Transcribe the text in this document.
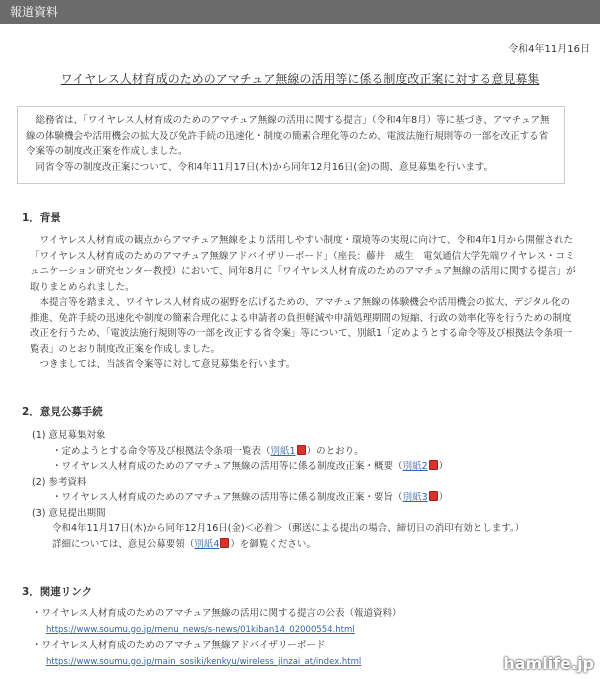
報道資料
令和4年11月16日
ワイヤレス人材育成のためのアマチュア無線の活用等に係る制度改正案に対する意見募集

総務省は、「ワイヤレス人材育成のためのアマチュア無線の活用に関する提言」（令和4年8月）等に基づき、アマチュア無線の体験機会や活用機会の拡大及び免許手続の迅速化・制度の簡素合理化等のため、電波法施行規則等の一部を改正する省令案等の制度改正案を作成しました。

同省令等の制度改正案について、令和4年11月17日(木)から同年12月16日(金)の間、意見募集を行います。

1．背景

ワイヤレス人材育成の観点からアマチュア無線をより活用しやすい制度・環境等の実現に向けて、令和4年1月から開催された「ワイヤレス人材育成のためのアマチュア無線アドバイザリーボード」（座長：藤井　威生　電気通信大学先端ワイヤレス・コミュニケーション研究センター教授）において、同年8月に「ワイヤレス人材育成のためのアマチュア無線の活用に関する提言」が取りまとめられました。

本提言等を踏まえ、ワイヤレス人材育成の裾野を広げるための、アマチュア無線の体験機会や活用機会の拡大、デジタル化の推進、免許手続の迅速化や制度の簡素合理化による申請者の負担軽減や申請処理期間の短縮、行政の効率化等を行うための制度改正を行うため、「電波法施行規則等の一部を改正する省令案」等について、別紙1「定めようとする命令等及び根拠法令条項一覧表」のとおり制度改正案を作成しました。

つきましては、当該省令案等に対して意見募集を行います。

2．意見公募手続
(1) 意見募集対象
・定めようとする命令等及び根拠法令条項一覧表（別紙1 ）のとおり。
・ワイヤレス人材育成のためのアマチュア無線の活用等に係る制度改正案・概要（別紙2 ）
(2) 参考資料
・ワイヤレス人材育成のためのアマチュア無線の活用等に係る制度改正案・要旨（別紙3 ）
(3) 意見提出期間
令和4年11月17日(木)から同年12月16日(金)＜必着＞（郵送による提出の場合、締切日の消印有効とします。）
詳細については、意見公募要領（別紙4 ）を御覧ください。
3．関連リンク
・ワイヤレス人材育成のためのアマチュア無線の活用に関する提言の公表（報道資料）
https://www.soumu.go.jp/menu_news/s-news/01kiban14_02000554.html
・ワイヤレス人材育成のためのアマチュア無線アドバイザリーボード
https://www.soumu.go.jp/main_sosiki/kenkyu/wireless_jinzai_at/index.html	hamlife.jp
